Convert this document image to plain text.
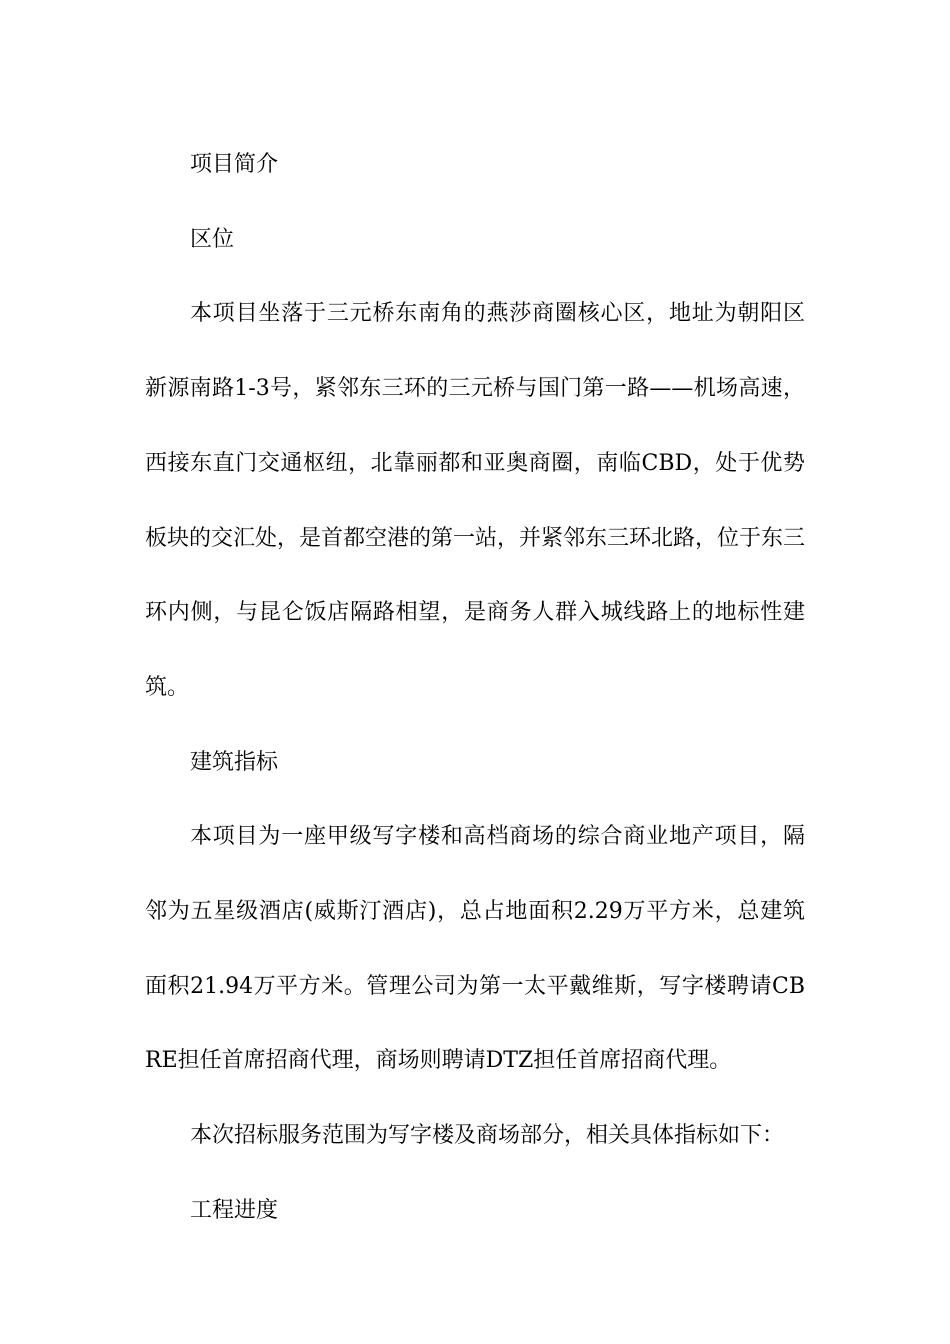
项目简介

区位

本项目坐落于三元桥东南角的燕莎商圈核心区，地址为朝阳区新源南路1-3号，紧邻东三环的三元桥与国门第一路——机场高速，西接东直门交通枢纽，北靠丽都和亚奥商圈，南临CBD，处于优势板块的交汇处，是首都空港的第一站，并紧邻东三环北路，位于东三环内侧，与昆仑饭店隔路相望，是商务人群入城线路上的地标性建筑。

建筑指标

本项目为一座甲级写字楼和高档商场的综合商业地产项目，隔邻为五星级酒店(威斯汀酒店)，总占地面积2.29万平方米，总建筑面积21.94万平方米。管理公司为第一太平戴维斯，写字楼聘请CBRE担任首席招商代理，商场则聘请DTZ担任首席招商代理。

本次招标服务范围为写字楼及商场部分，相关具体指标如下：

工程进度
